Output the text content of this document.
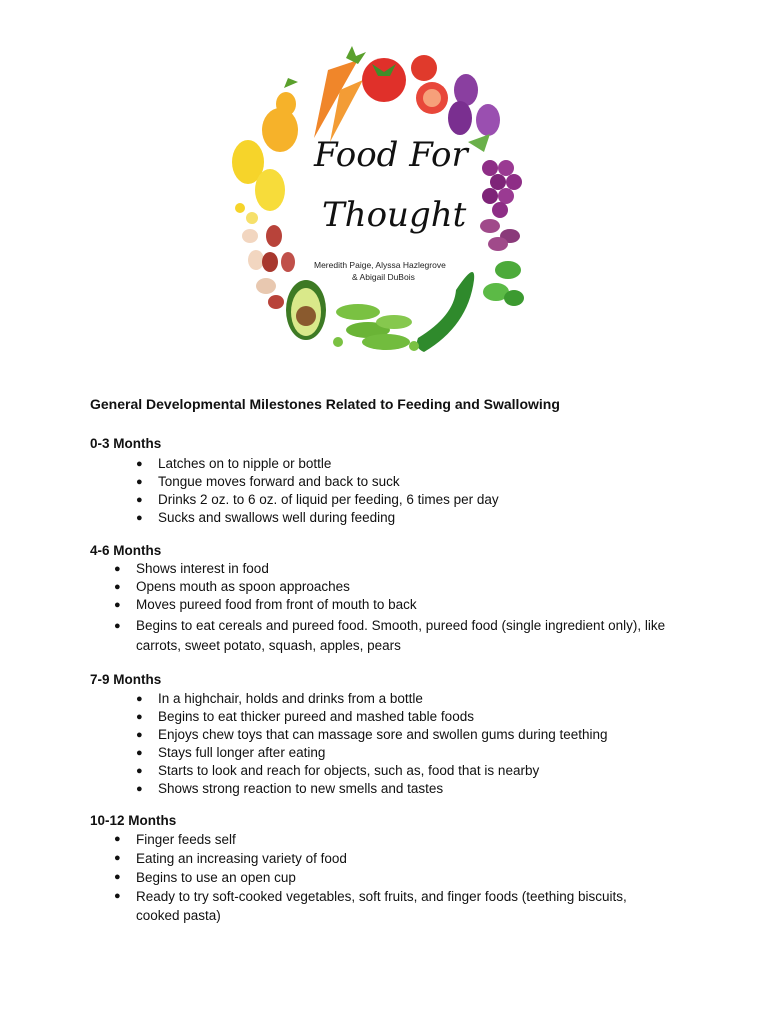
Food For
Thought
Meredith Paige, Alyssa Hazlegrove
& Abigail DuBois
General Developmental Milestones Related to Feeding and Swallowing
0-3 Months
● Latches on to nipple or bottle
● Tongue moves forward and back to suck
● Drinks 2 oz. to 6 oz. of liquid per feeding, 6 times per day
● Sucks and swallows well during feeding
4-6 Months
● Shows interest in food
● Opens mouth as spoon approaches
● Moves pureed food from front of mouth to back
● Begins to eat cereals and pureed food. Smooth, pureed food (single ingredient only), like carrots, sweet potato, squash, apples, pears
7-9 Months
● In a highchair, holds and drinks from a bottle
● Begins to eat thicker pureed and mashed table foods
● Enjoys chew toys that can massage sore and swollen gums during teething
● Stays full longer after eating
● Starts to look and reach for objects, such as, food that is nearby
● Shows strong reaction to new smells and tastes
10-12 Months
● Finger feeds self
● Eating an increasing variety of food
● Begins to use an open cup
● Ready to try soft-cooked vegetables, soft fruits, and finger foods (teething biscuits, cooked pasta)
